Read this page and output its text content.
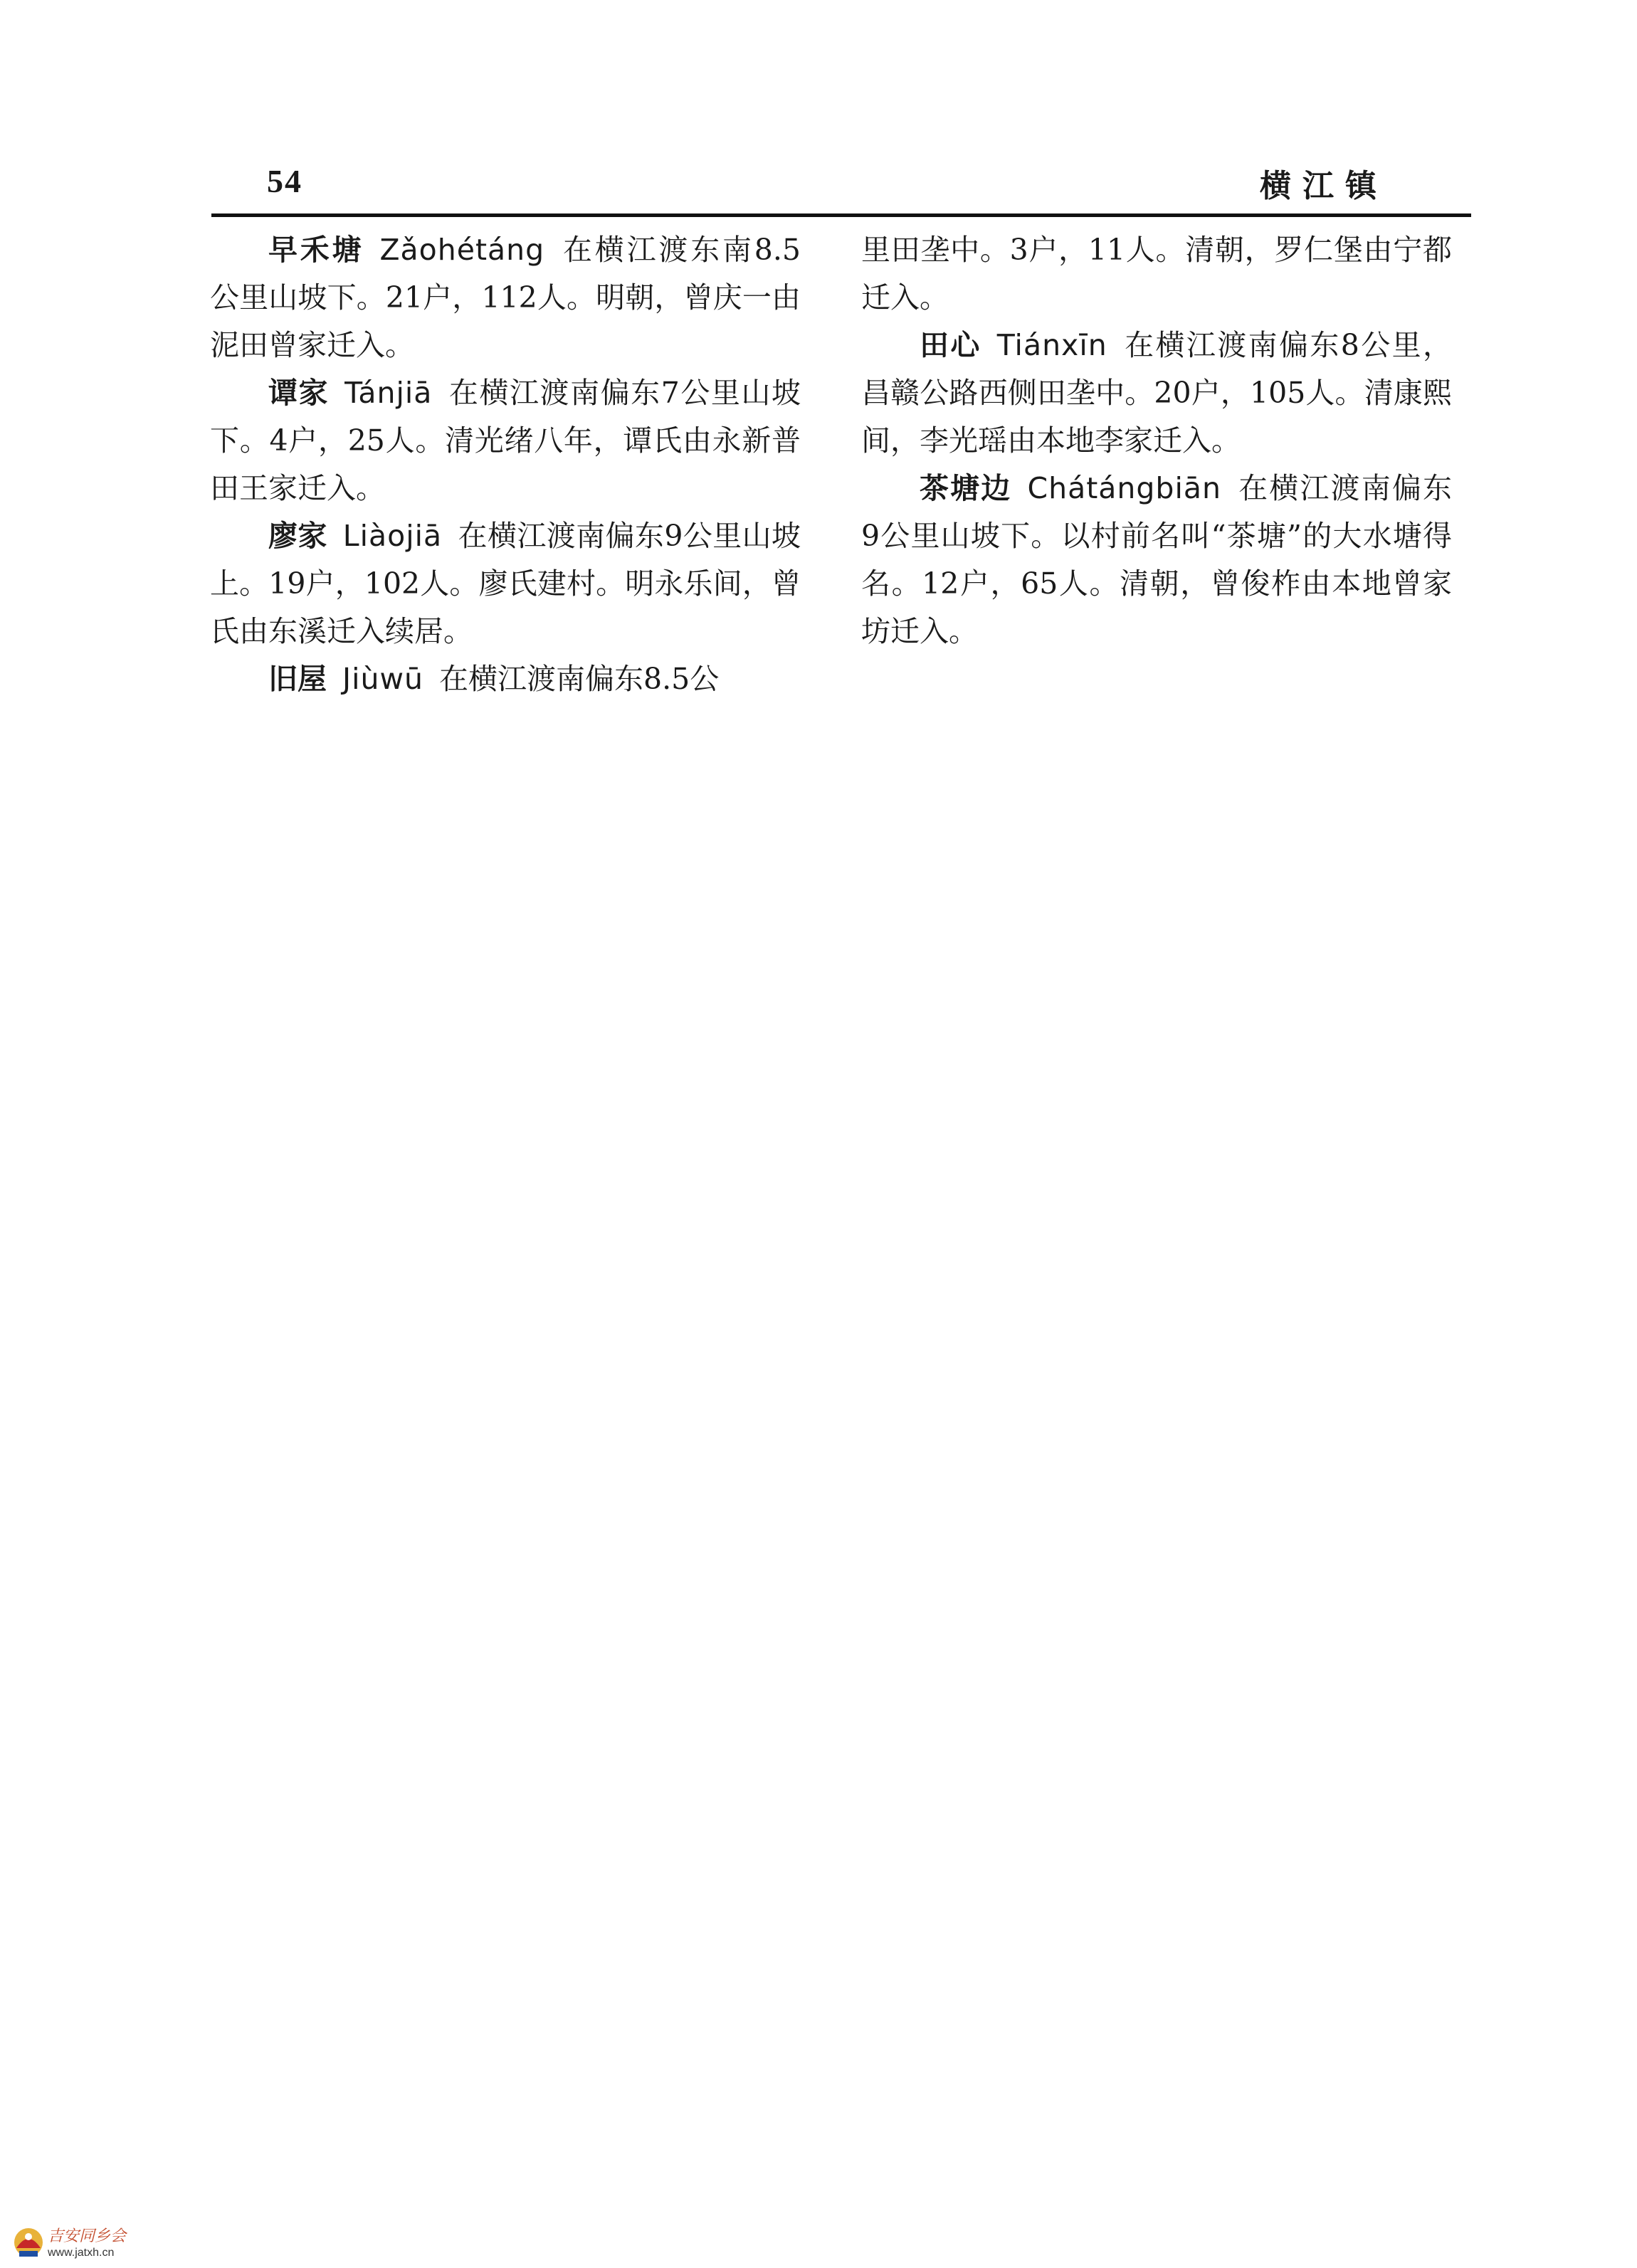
54	横江镇

早禾塘 Zǎohétáng 在横江渡东南8.5公里山坡下。21户，112人。明朝，曾庆一由泥田曾家迁入。

谭家 Tánjiā 在横江渡南偏东7公里山坡下。4户，25人。清光绪八年，谭氏由永新普田王家迁入。

廖家 Liàojiā 在横江渡南偏东9公里山坡上。19户，102人。廖氏建村。明永乐间，曾氏由东溪迁入续居。

旧屋 Jiùwū 在横江渡南偏东8.5公

里田垄中。3户，11人。清朝，罗仁堡由宁都迁入。

田心 Tiánxīn 在横江渡南偏东8公里，昌赣公路西侧田垄中。20户，105人。清康熙间，李光瑶由本地李家迁入。

茶塘边 Chátángbiān 在横江渡南偏东9公里山坡下。以村前名叫“茶塘”的大水塘得名。12户，65人。清朝，曾俊柞由本地曾家坊迁入。

吉安同乡会
www.jatxh.cn
